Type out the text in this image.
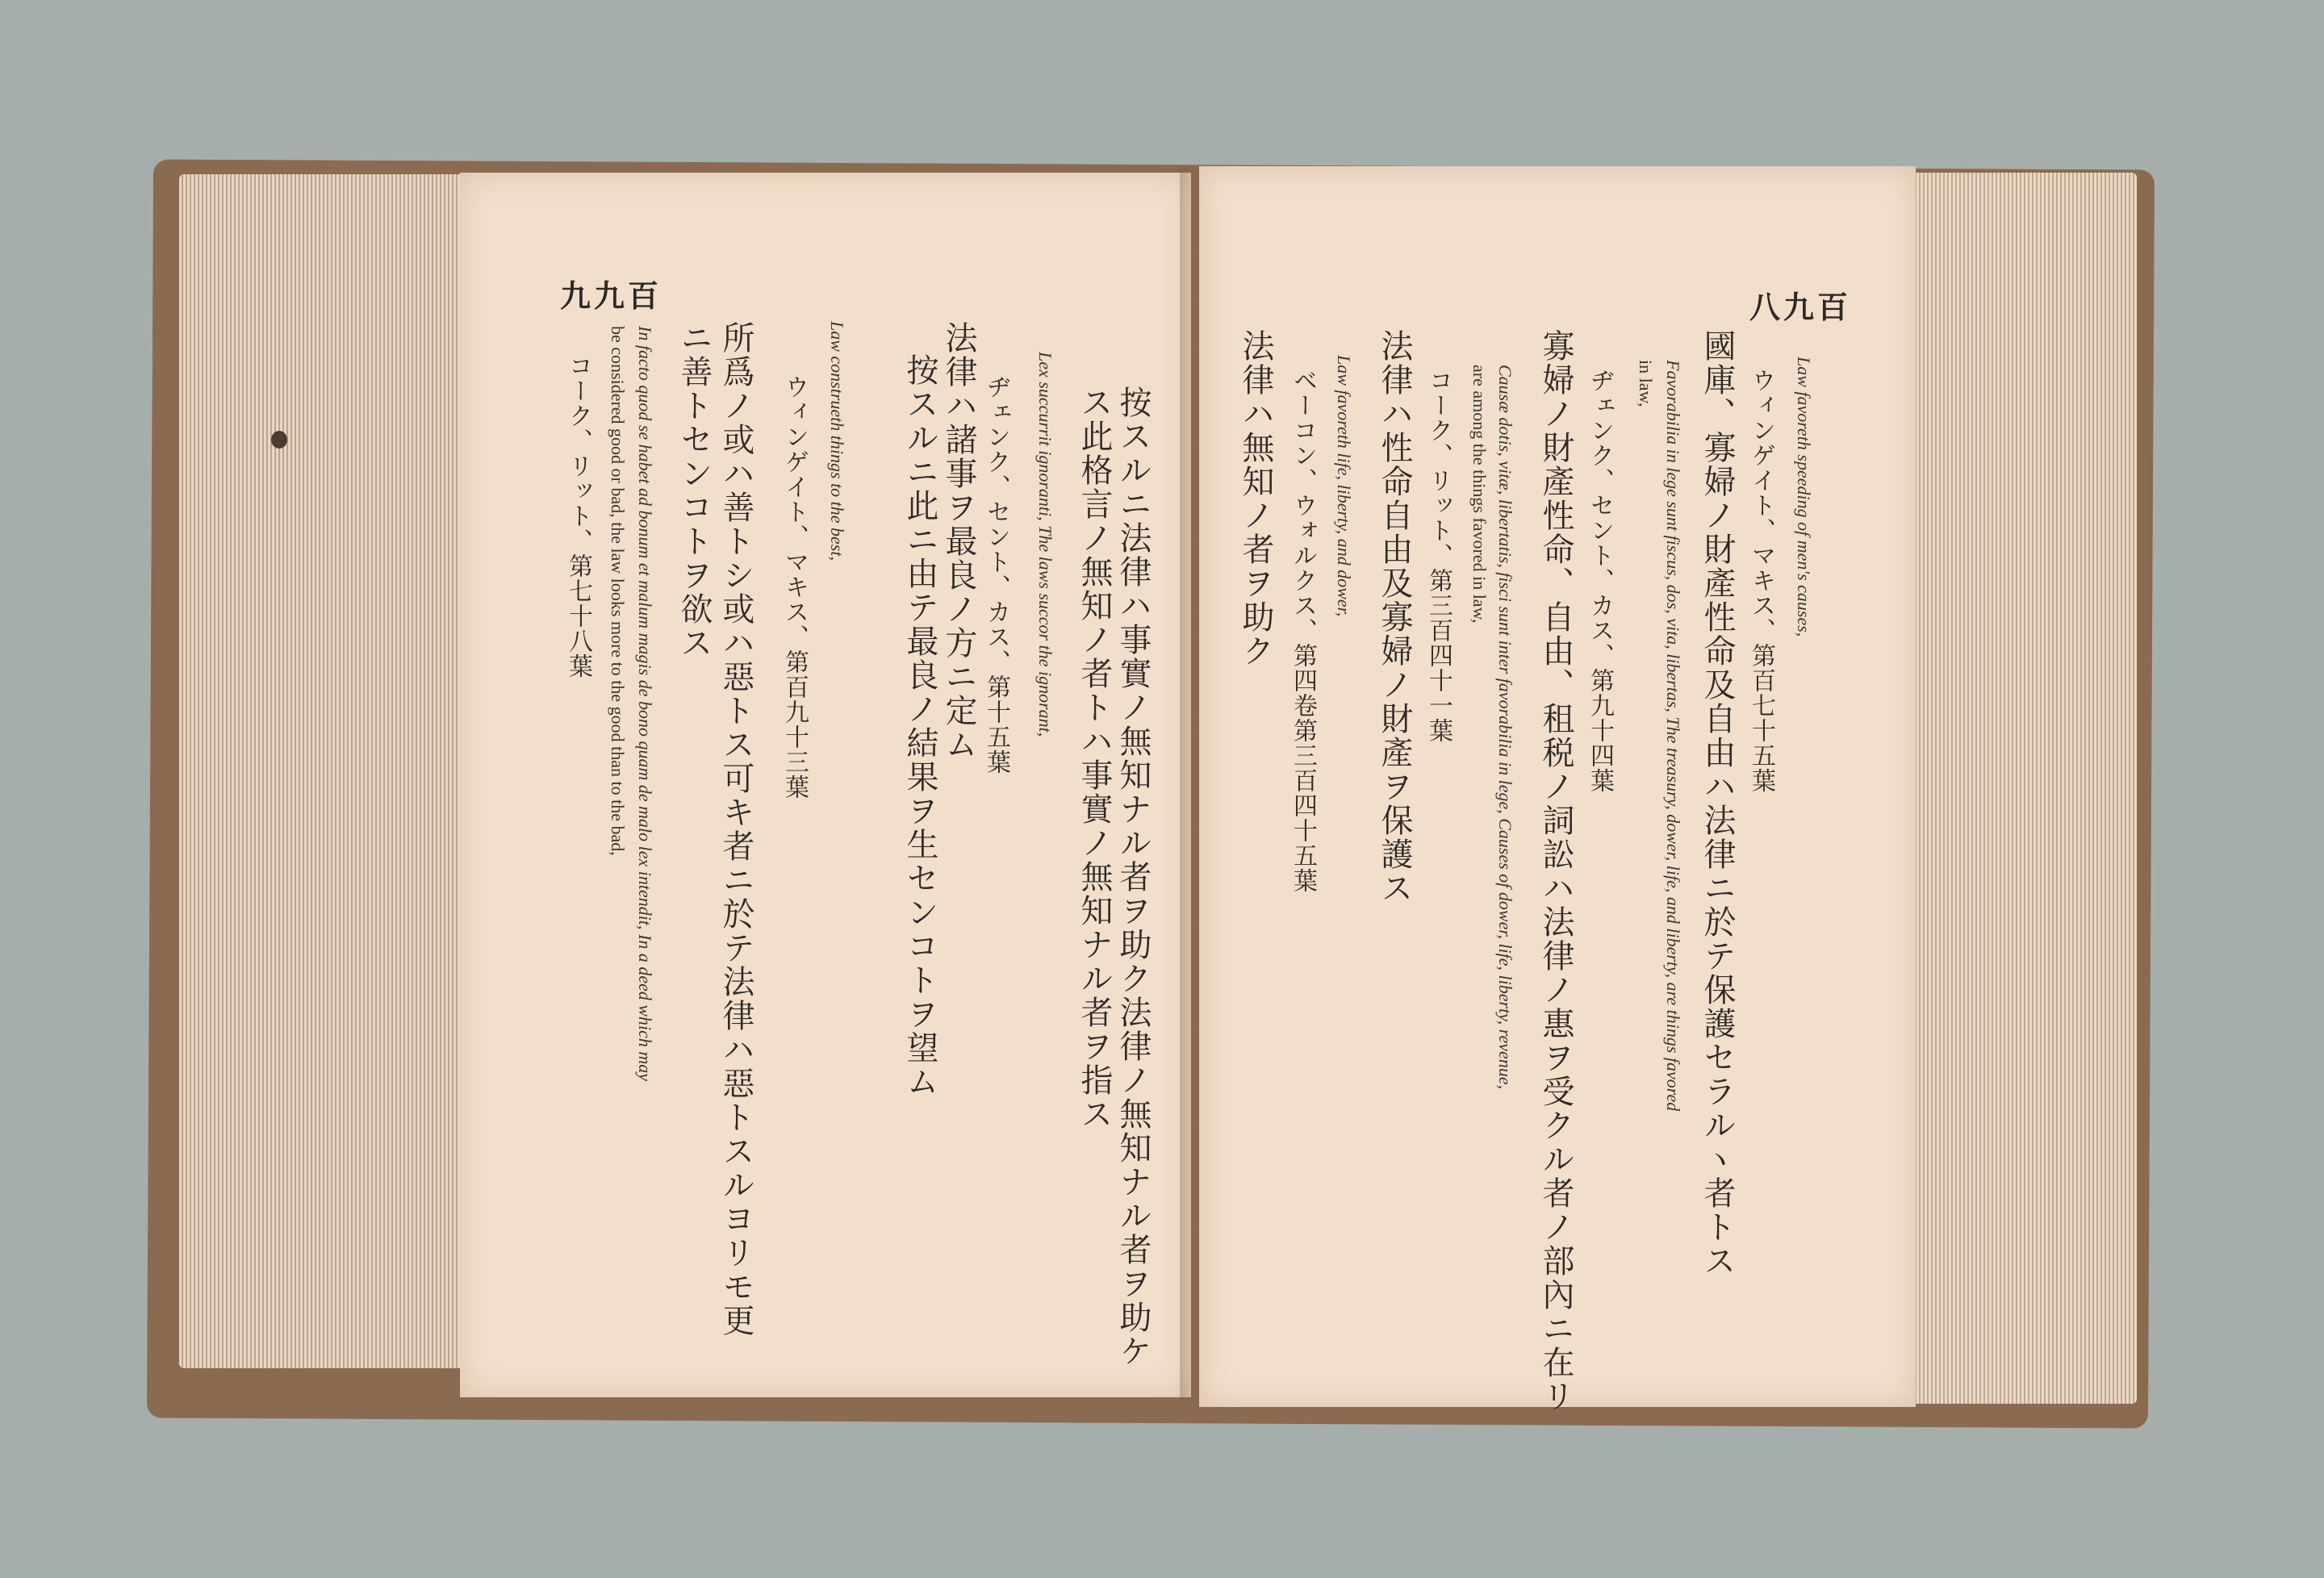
九九百
按スルニ法律ハ事實ノ無知ナル者ヲ助ク法律ノ無知ナル者ヲ助ケ
ス此格言ノ無知ノ者トハ事實ノ無知ナル者ヲ指ス
Lex succurrit ignoranti, The laws succor the ignorant,
ヂェンク、セント、カス、第十五葉
法律ハ諸事ヲ最良ノ方ニ定ム
按スルニ此ニ由テ最良ノ結果ヲ生センコトヲ望ム
Law construeth things to the best,
ウィンゲイト、マキス、第百九十三葉
所爲ノ或ハ善トシ或ハ惡トス可キ者ニ於テ法律ハ惡トスルヨリモ更
ニ善トセンコトヲ欲ス
In facto quod se habet ad bonum et malum magis de bono quam de malo lex intendit, In a deed which may
be considered good or bad, the law looks more to the good than to the bad,
コーク、リット、第七十八葉
八九百
Law favoreth speeding of men's causes,
ウィンゲイト、マキス、第百七十五葉
國庫、寡婦ノ財產性命及自由ハ法律ニ於テ保護セラルヽ者トス
Favorabilia in lege sunt fiscus, dos, vita, libertas, The treasury, dower, life, and liberty, are things favored
in law,
ヂェンク、セント、カス、第九十四葉
寡婦ノ財產性命、自由、租税ノ詞訟ハ法律ノ惠ヲ受クル者ノ部內ニ在リ
Causæ dotis, vitæ, libertatis, fisci sunt inter favorabilia in lege, Causes of dower, life, liberty, revenue,
are among the things favored in law,
コーク、リット、第三百四十一葉
法律ハ性命自由及寡婦ノ財產ヲ保護ス
Law favoreth life, liberty, and dower,
ベーコン、ウォルクス、第四卷第三百四十五葉
法律ハ無知ノ者ヲ助ク
